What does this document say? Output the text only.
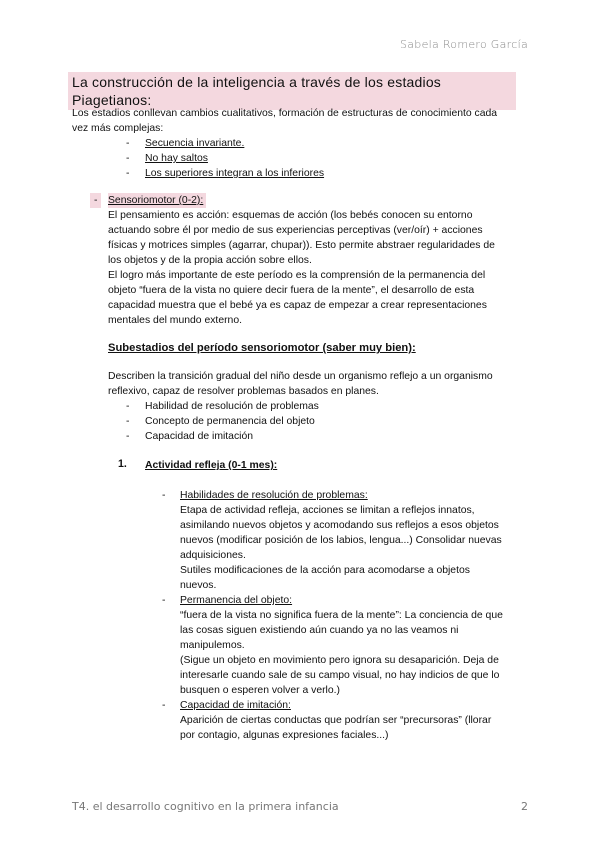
Sabela Romero García
La construcción de la inteligencia a través de los estadios Piagetianos:

Los estadios conllevan cambios cualitativos, formación de estructuras de conocimiento cada

vez más complejas:

- Secuencia invariante.
- No hay saltos
- Los superiores integran a los inferiores
-	Sensoriomotor (0-2):

El pensamiento es acción: esquemas de acción (los bebés conocen su entorno

actuando sobre él por medio de sus experiencias perceptivas (ver/oír) + acciones

físicas y motrices simples (agarrar, chupar)). Esto permite abstraer regularidades de

los objetos y de la propia acción sobre ellos.

El logro más importante de este período es la comprensión de la permanencia del

objeto “fuera de la vista no quiere decir fuera de la mente”, el desarrollo de esta

capacidad muestra que el bebé ya es capaz de empezar a crear representaciones

mentales del mundo externo.

Subestadios del período sensoriomotor (saber muy bien):

Describen la transición gradual del niño desde un organismo reflejo a un organismo

reflexivo, capaz de resolver problemas basados en planes.

- Habilidad de resolución de problemas
- Concepto de permanencia del objeto
- Capacidad de imitación
1. Actividad refleja (0-1 mes):
- Habilidades de resolución de problemas:

Etapa de actividad refleja, acciones se limitan a reflejos innatos,

asimilando nuevos objetos y acomodando sus reflejos a esos objetos

nuevos (modificar posición de los labios, lengua...) Consolidar nuevas

adquisiciones.

Sutiles modificaciones de la acción para acomodarse a objetos

nuevos.

- Permanencia del objeto:

“fuera de la vista no significa fuera de la mente”: La conciencia de que

las cosas siguen existiendo aún cuando ya no las veamos ni

manipulemos.

(Sigue un objeto en movimiento pero ignora su desaparición. Deja de

interesarle cuando sale de su campo visual, no hay indicios de que lo

busquen o esperen volver a verlo.)

- Capacidad de imitación:

Aparición de ciertas conductas que podrían ser “precursoras” (llorar

por contagio, algunas expresiones faciales...)

T4. el desarrollo cognitivo en la primera infancia	2
